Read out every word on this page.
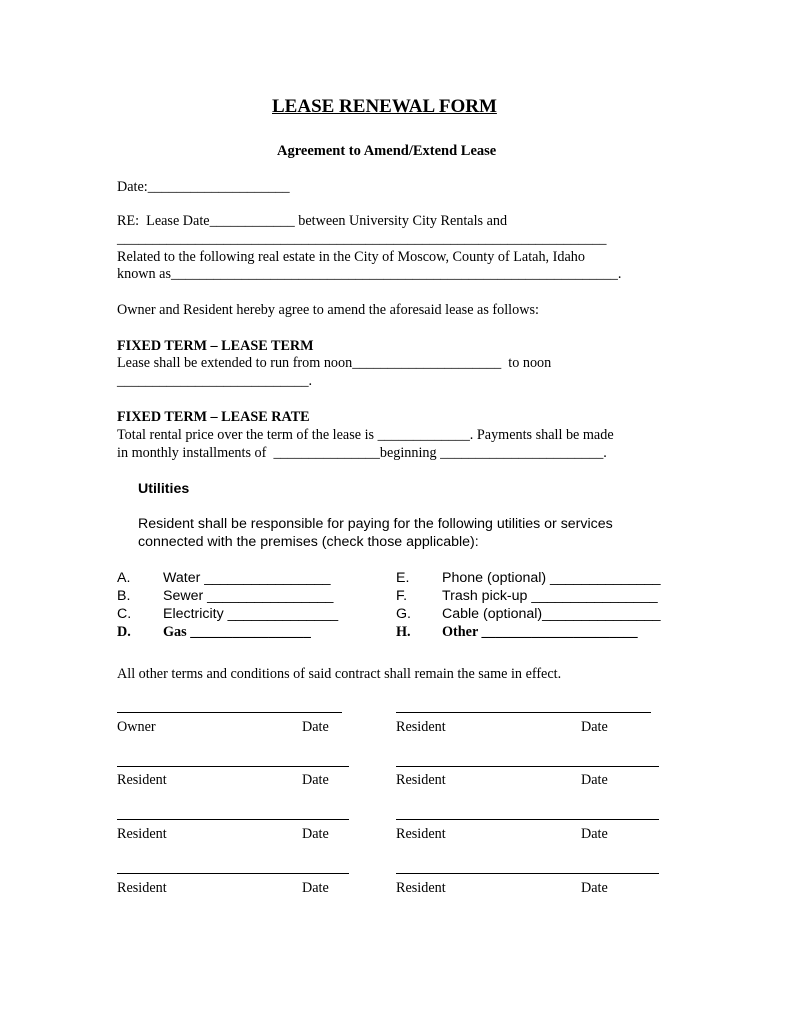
LEASE RENEWAL FORM
Agreement to Amend/Extend Lease
Date:____________________
RE:  Lease Date____________ between University City Rentals and
_____________________________________________________________________
Related to the following real estate in the City of Moscow, County of Latah, Idaho
known as_______________________________________________________________.
Owner and Resident hereby agree to amend the aforesaid lease as follows:
FIXED TERM – LEASE TERM
Lease shall be extended to run from noon_____________________  to noon
___________________________.
FIXED TERM – LEASE RATE
Total rental price over the term of the lease is _____________. Payments shall be made
in monthly installments of  _______________beginning _______________________.
Utilities
Resident shall be responsible for paying for the following utilities or services
connected with the premises (check those applicable):
A. Water ________________
B. Sewer ________________
C. Electricity ______________
D. Gas _________________
E. Phone (optional) ______________
F. Trash pick-up ________________
G. Cable (optional)_______________
H. Other ______________________
All other terms and conditions of said contract shall remain the same in effect.
Owner	Date	Resident	Date
Resident	Date	Resident	Date
Resident	Date	Resident	Date
Resident	Date	Resident	Date
